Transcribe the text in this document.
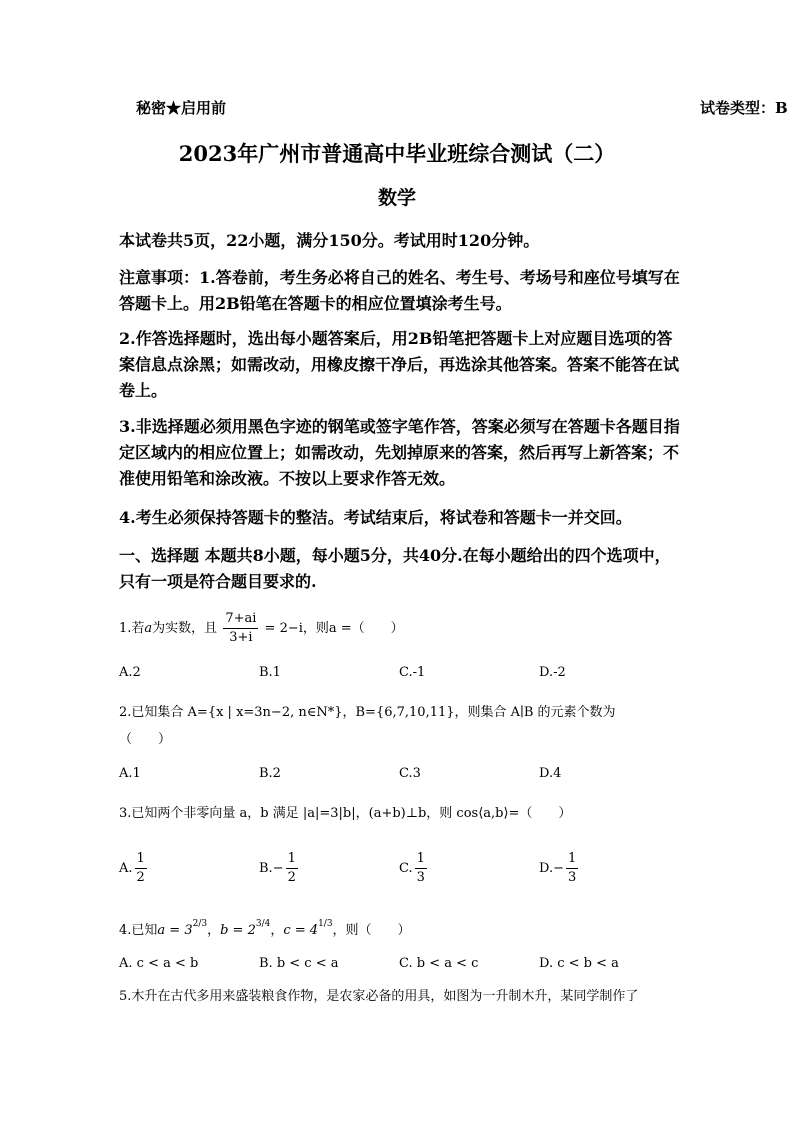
秘密★启用前	试卷类型：B
2023年广州市普通高中毕业班综合测试（二）
数学
本试卷共5页，22小题，满分150分。考试用时120分钟。
注意事项：1.答卷前，考生务必将自己的姓名、考生号、考场号和座位号填写在答题卡上。用2B铅笔在答题卡的相应位置填涂考生号。
2.作答选择题时，选出每小题答案后，用2B铅笔把答题卡上对应题目选项的答案信息点涂黑；如需改动，用橡皮擦干净后，再选涂其他答案。答案不能答在试卷上。
3.非选择题必须用黑色字迹的钢笔或签字笔作答，答案必须写在答题卡各题目指定区域内的相应位置上；如需改动，先划掉原来的答案，然后再写上新答案；不准使用铅笔和涂改液。不按以上要求作答无效。
4.考生必须保持答题卡的整洁。考试结束后，将试卷和答题卡一并交回。
一、选择题 本题共8小题，每小题5分，共40分.在每小题给出的四个选项中，只有一项是符合题目要求的.
1.若a为实数，且 $\frac{7+ai}{3+i} = 2-i$，则a =（　　）
A.2	B.1	C.-1	D.-2
2.已知集合 A={x | x=3n−2, n∈N*}，B={6,7,10,11}，则集合 A∣B 的元素个数为
（　　）
A.1	B.2	C.3	D.4
3.已知两个非零向量 a，b 满足 |a|=3|b|，(a+b)⊥b，则 cos⟨a,b⟩=（　　）
A. $\frac{1}{2}$	$B.- \frac{1}{2}$	C. $\frac{1}{3}$	$D.- \frac{1}{3}$
4.已知$a = 3^{2/3}$，$b = 2^{3/4}$，$c = 4^{1/3}$，则（　　）
A. c < a < b	B. b < c < a	C. b < a < c	D. c < b < a
5.木升在古代多用来盛装粮食作物，是农家必备的用具，如图为一升制木升，某同学制作了
